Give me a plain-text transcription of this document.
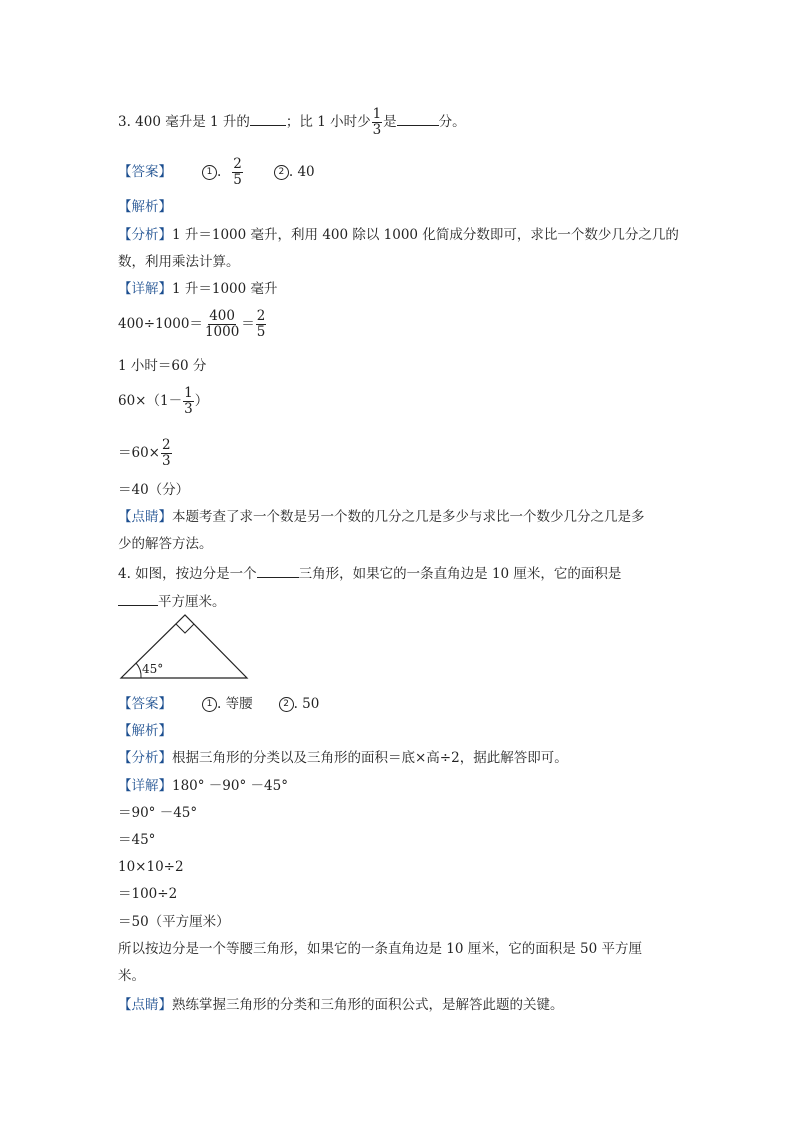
3. 400 毫升是 1 升的	；比 1 小时少 $\frac{1}{3}$ 是	分。
【答案】	1 . $\frac{2}{5}$	2 . 40
【解析】
【分析】1 升＝1000 毫升，利用 400 除以 1000 化简成分数即可，求比一个数少几分之几的
数，利用乘法计算。
【详解】1 升＝1000 毫升
$400\div 1000= \frac{400}{1000} = \frac{2}{5}$
1 小时＝60 分
$60\times(1- \frac{1}{3}$ ）
$=60\times \frac{2}{3}$
＝40（分）
【点睛】本题考查了求一个数是另一个数的几分之几是多少与求比一个数少几分之几是多
少的解答方法。
4. 如图，按边分是一个	三角形，如果它的一条直角边是 10 厘米，它的面积是
平方厘米。
45°
【答案】	1 . 等腰	2 . 50
【解析】
【分析】根据三角形的分类以及三角形的面积＝底×高÷2，据此解答即可。
【详解】180° －90° －45°
＝90° －45°
＝45°
10×10÷2
＝100÷2
＝50（平方厘米）
所以按边分是一个等腰三角形，如果它的一条直角边是 10 厘米，它的面积是 50 平方厘
米。
【点睛】熟练掌握三角形的分类和三角形的面积公式，是解答此题的关键。
